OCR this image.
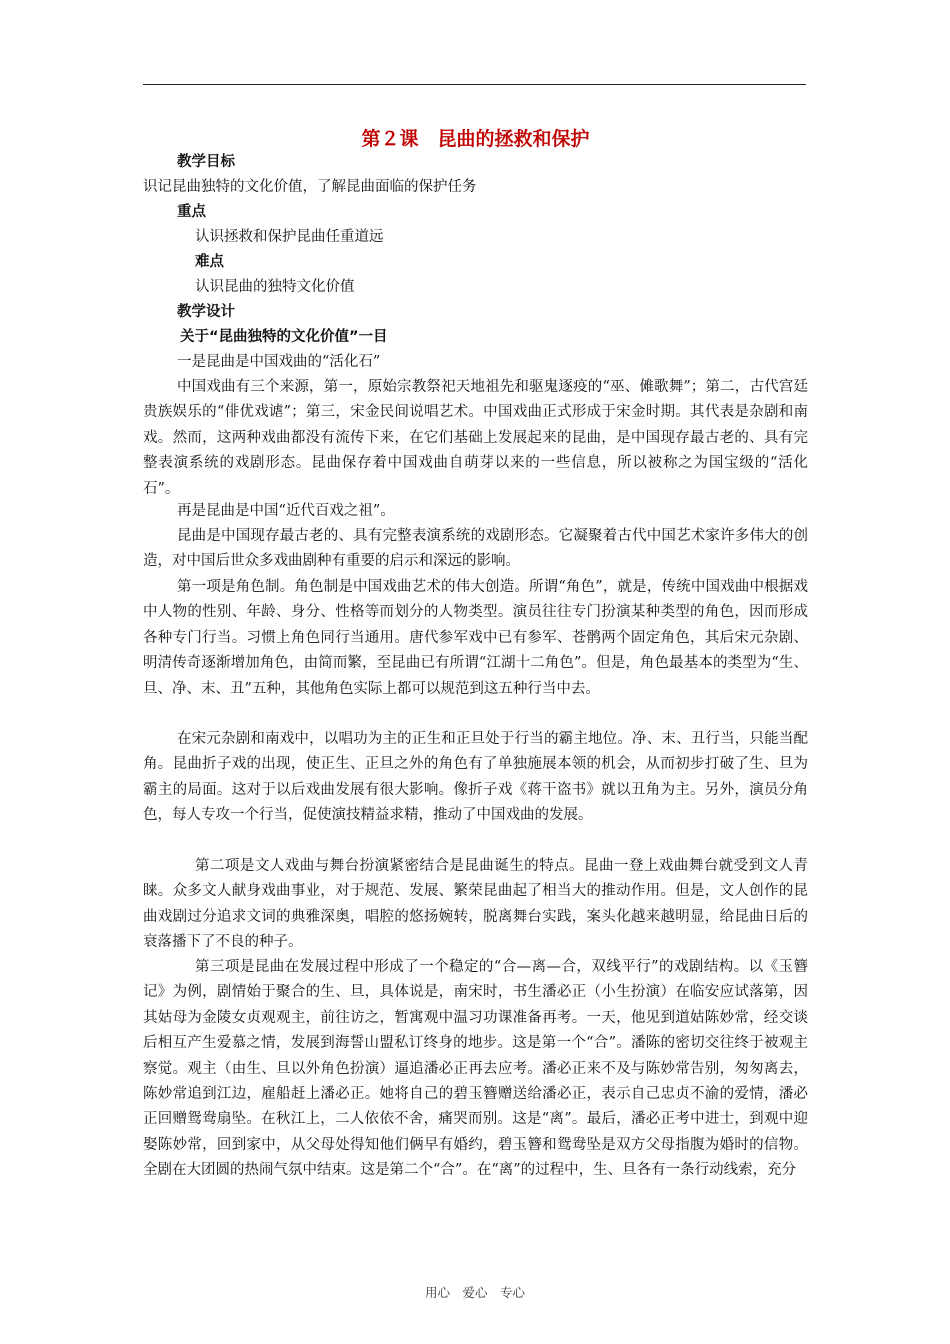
第２课　昆曲的拯救和保护
教学目标
识记昆曲独特的文化价值，了解昆曲面临的保护任务
重点
认识拯救和保护昆曲任重道远
难点
认识昆曲的独特文化价值
教学设计
关于“昆曲独特的文化价值”一目
一是昆曲是中国戏曲的“活化石”
中国戏曲有三个来源，第一，原始宗教祭祀天地祖先和驱鬼逐疫的“巫、傩歌舞”；第二，古代宫廷贵族娱乐的“俳优戏谑”；第三，宋金民间说唱艺术。中国戏曲正式形成于宋金时期。其代表是杂剧和南戏。然而，这两种戏曲都没有流传下来，在它们基础上发展起来的昆曲，是中国现存最古老的、具有完整表演系统的戏剧形态。昆曲保存着中国戏曲自萌芽以来的一些信息，所以被称之为国宝级的“活化石”。
再是昆曲是中国“近代百戏之祖”。
昆曲是中国现存最古老的、具有完整表演系统的戏剧形态。它凝聚着古代中国艺术家许多伟大的创造，对中国后世众多戏曲剧种有重要的启示和深远的影响。
第一项是角色制。角色制是中国戏曲艺术的伟大创造。所谓“角色”，就是，传统中国戏曲中根据戏中人物的性别、年龄、身分、性格等而划分的人物类型。演员往往专门扮演某种类型的角色，因而形成各种专门行当。习惯上角色同行当通用。唐代参军戏中已有参军、苍鹘两个固定角色，其后宋元杂剧、明清传奇逐渐增加角色，由简而繁，至昆曲已有所谓“江湖十二角色”。但是，角色最基本的类型为“生、旦、净、末、丑”五种，其他角色实际上都可以规范到这五种行当中去。
在宋元杂剧和南戏中，以唱功为主的正生和正旦处于行当的霸主地位。净、末、丑行当，只能当配角。昆曲折子戏的出现，使正生、正旦之外的角色有了单独施展本领的机会，从而初步打破了生、旦为霸主的局面。这对于以后戏曲发展有很大影响。像折子戏《蒋干盗书》就以丑角为主。另外，演员分角色，每人专攻一个行当，促使演技精益求精，推动了中国戏曲的发展。
第二项是文人戏曲与舞台扮演紧密结合是昆曲诞生的特点。昆曲一登上戏曲舞台就受到文人青睐。众多文人献身戏曲事业，对于规范、发展、繁荣昆曲起了相当大的推动作用。但是，文人创作的昆曲戏剧过分追求文词的典雅深奥，唱腔的悠扬婉转，脱离舞台实践，案头化越来越明显，给昆曲日后的衰落播下了不良的种子。
第三项是昆曲在发展过程中形成了一个稳定的“合—离—合，双线平行”的戏剧结构。以《玉簪记》为例，剧情始于聚合的生、旦，具体说是，南宋时，书生潘必正（小生扮演）在临安应试落第，因其姑母为金陵女贞观观主，前往访之，暂寓观中温习功课准备再考。一天，他见到道姑陈妙常，经交谈后相互产生爱慕之情，发展到海誓山盟私订终身的地步。这是第一个“合”。潘陈的密切交往终于被观主察觉。观主（由生、旦以外角色扮演）逼追潘必正再去应考。潘必正来不及与陈妙常告别，匆匆离去，陈妙常追到江边，雇船赶上潘必正。她将自己的碧玉簪赠送给潘必正，表示自己忠贞不渝的爱情，潘必正回赠鸳鸯扇坠。在秋江上，二人依依不舍，痛哭而别。这是“离”。最后，潘必正考中进士，到观中迎娶陈妙常，回到家中，从父母处得知他们俩早有婚约，碧玉簪和鸳鸯坠是双方父母指腹为婚时的信物。全剧在大团圆的热闹气氛中结束。这是第二个“合”。在“离”的过程中，生、旦各有一条行动线索，充分
用心　爱心　专心
